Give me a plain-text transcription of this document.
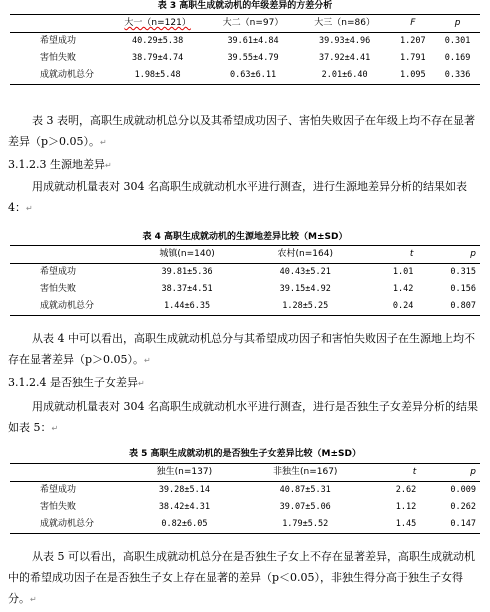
表 3 高职生成就动机的年级差异的方差分析
	大一（n=121）	大二（n=97）	大三（n=86）	F	p
希望成功	40.29±5.38	39.61±4.84	39.93±4.96	1.207	0.301
害怕失败	38.79±4.74	39.55±4.79	37.92±4.41	1.791	0.169
成就动机总分	1.98±5.48	0.63±6.11	2.01±6.40	1.095	0.336
表 3 表明，高职生成就动机总分以及其希望成功因子、害怕失败因子在年级上均不存在显著差异（p＞0.05）。↵
3.1.2.3 生源地差异↵
用成就动机量表对 304 名高职生成就动机水平进行测查，进行生源地差异分析的结果如表 4：↵
表 4 高职生成就动机的生源地差异比较（M±SD）
	城镇(n=140)	农村(n=164)	t	p
希望成功	39.81±5.36	40.43±5.21	1.01	0.315
害怕失败	38.37±4.51	39.15±4.92	1.42	0.156
成就动机总分	1.44±6.35	1.28±5.25	0.24	0.807
从表 4 中可以看出，高职生成就动机总分与其希望成功因子和害怕失败因子在生源地上均不存在显著差异（p＞0.05）。↵
3.1.2.4 是否独生子女差异↵
用成就动机量表对 304 名高职生成就动机水平进行测查，进行是否独生子女差异分析的结果如表 5：↵
表 5 高职生成就动机的是否独生子女差异比较（M±SD）
	独生(n=137)	非独生(n=167)	t	p
希望成功	39.28±5.14	40.87±5.31	2.62	0.009
害怕失败	38.42±4.31	39.07±5.06	1.12	0.262
成就动机总分	0.82±6.05	1.79±5.52	1.45	0.147
从表 5 可以看出，高职生成就动机总分在是否独生子女上不存在显著差异，高职生成就动机中的希望成功因子在是否独生子女上存在显著的差异（p＜0.05），非独生得分高于独生子女得分。↵
